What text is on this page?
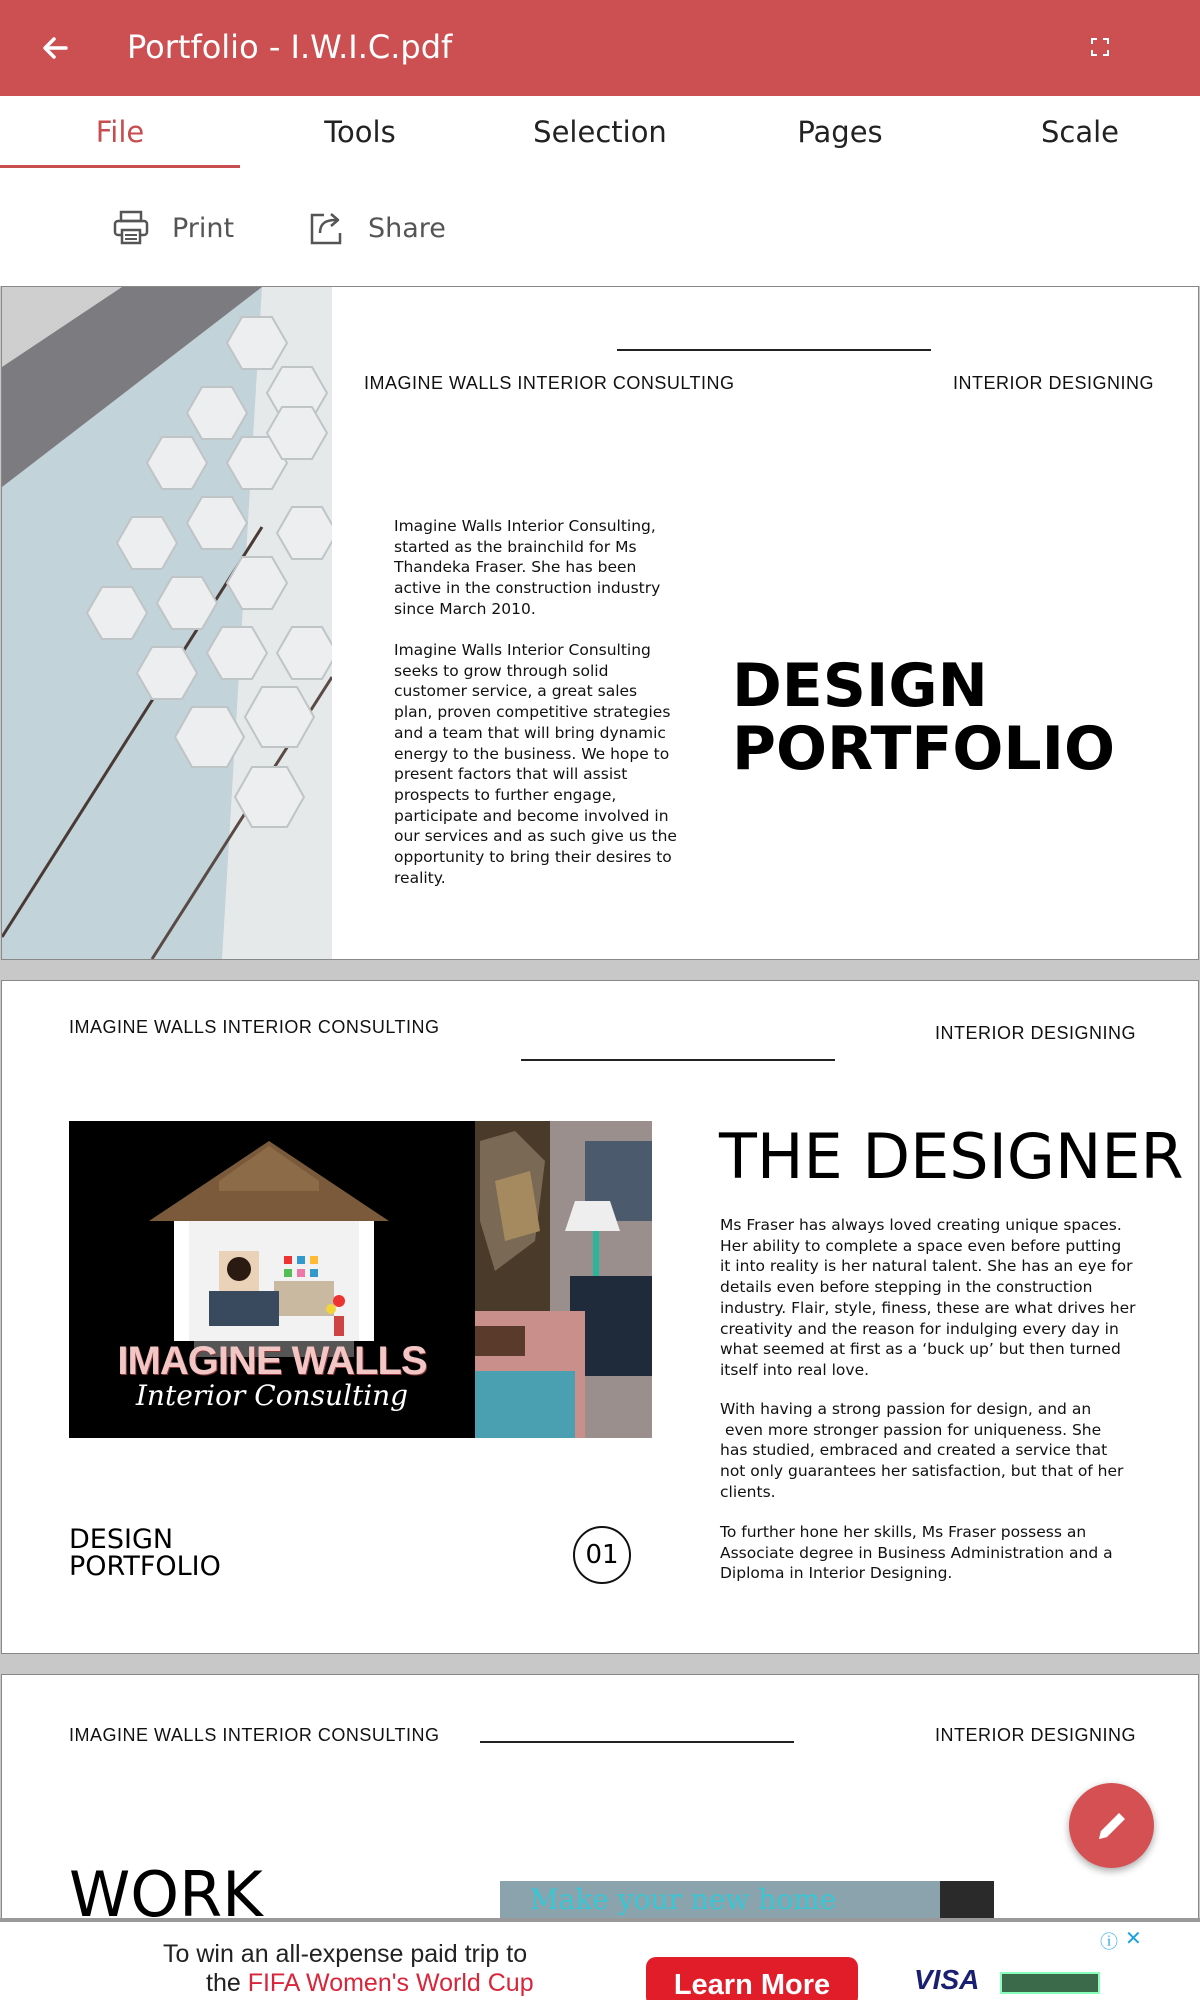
Portfolio - I.W.I.C.pdf
File	Tools	Selection	Pages	Scale
Print	Share
IMAGINE WALLS INTERIOR CONSULTING	INTERIOR DESIGNING
Imagine Walls Interior Consulting,
started as the brainchild for Ms
Thandeka Fraser. She has been
active in the construction industry
since March 2010.
Imagine Walls Interior Consulting
seeks to grow through solid
customer service, a great sales
plan, proven competitive strategies
and a team that will bring dynamic
energy to the business. We hope to
present factors that will assist
prospects to further engage,
participate and become involved in
our services and as such give us the
opportunity to bring their desires to
reality.
DESIGN
PORTFOLIO
IMAGINE WALLS INTERIOR CONSULTING	INTERIOR DESIGNING
IMAGINE WALLS
Interior Consulting
THE DESIGNER
Ms Fraser has always loved creating unique spaces.
Her ability to complete a space even before putting
it into reality is her natural talent. She has an eye for
details even before stepping in the construction
industry. Flair, style, finess, these are what drives her
creativity and the reason for indulging every day in
what seemed at first as a ‘buck up’ but then turned
itself into real love.
With having a strong passion for design, and an
even more stronger passion for uniqueness. She
has studied, embraced and created a service that
not only guarantees her satisfaction, but that of her
clients.
To further hone her skills, Ms Fraser possess an
Associate degree in Business Administration and a
Diploma in Interior Designing.
DESIGN
PORTFOLIO	01
IMAGINE WALLS INTERIOR CONSULTING	INTERIOR DESIGNING
WORK	Make your new home
To win an all-expense paid trip to
the FIFA Women's World Cup	Learn More	VISA
ⓘ ✕
